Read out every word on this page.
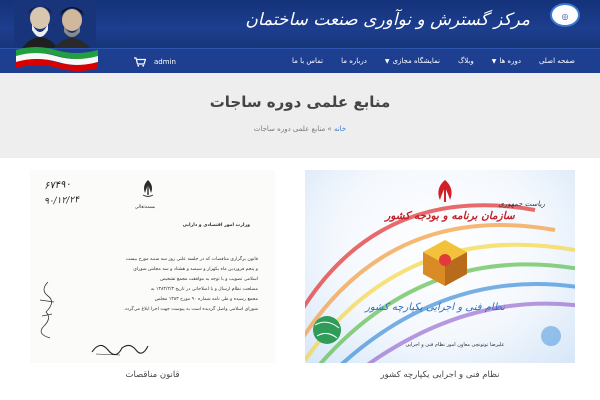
مرکز گسترش و نوآوری صنعت ساختمان	◎
صفحه اصلی
دوره ها▼
وبلاگ
نمایشگاه مجازی▼
درباره ما
تماس با ما
admin
منابع علمی دوره ساجات
خانه » منابع علمی دوره ساجات
۶٧۴٩٠
٩٠/١٢/٢۴
بسمه‌تعالی
وزارت امور اقتصادی و دارایی
قانون برگزاری مناقصات که در جلسه علنی روز سه شنبه مورخ بیست
و پنجم فروردین ماه یکهزار و سیصد و هشتاد و سه مجلس شورای
اسلامی تصویب و با توجه به موافقت مجمع تشخیص
مصلحت نظام ارسال و با اصلاحاتی در تاریخ ۱۳۸۳/۲/۳ به
مجمع رسیده و طی نامه شماره ۹۰ مورخ ۱۳۸۳ مجلس
شورای اسلامی واصل گردیده است به پیوست جهت اجرا ابلاغ می‌گردد.
قانون مناقصات
ریاست جمهوری
سازمان برنامه و بودجه کشور
نظام فنی و اجرایی یکپارچه کشور
علیرضا توتونچی معاون امور نظام فنی و اجرایی
نظام فنی و اجرایی یکپارچه کشور
